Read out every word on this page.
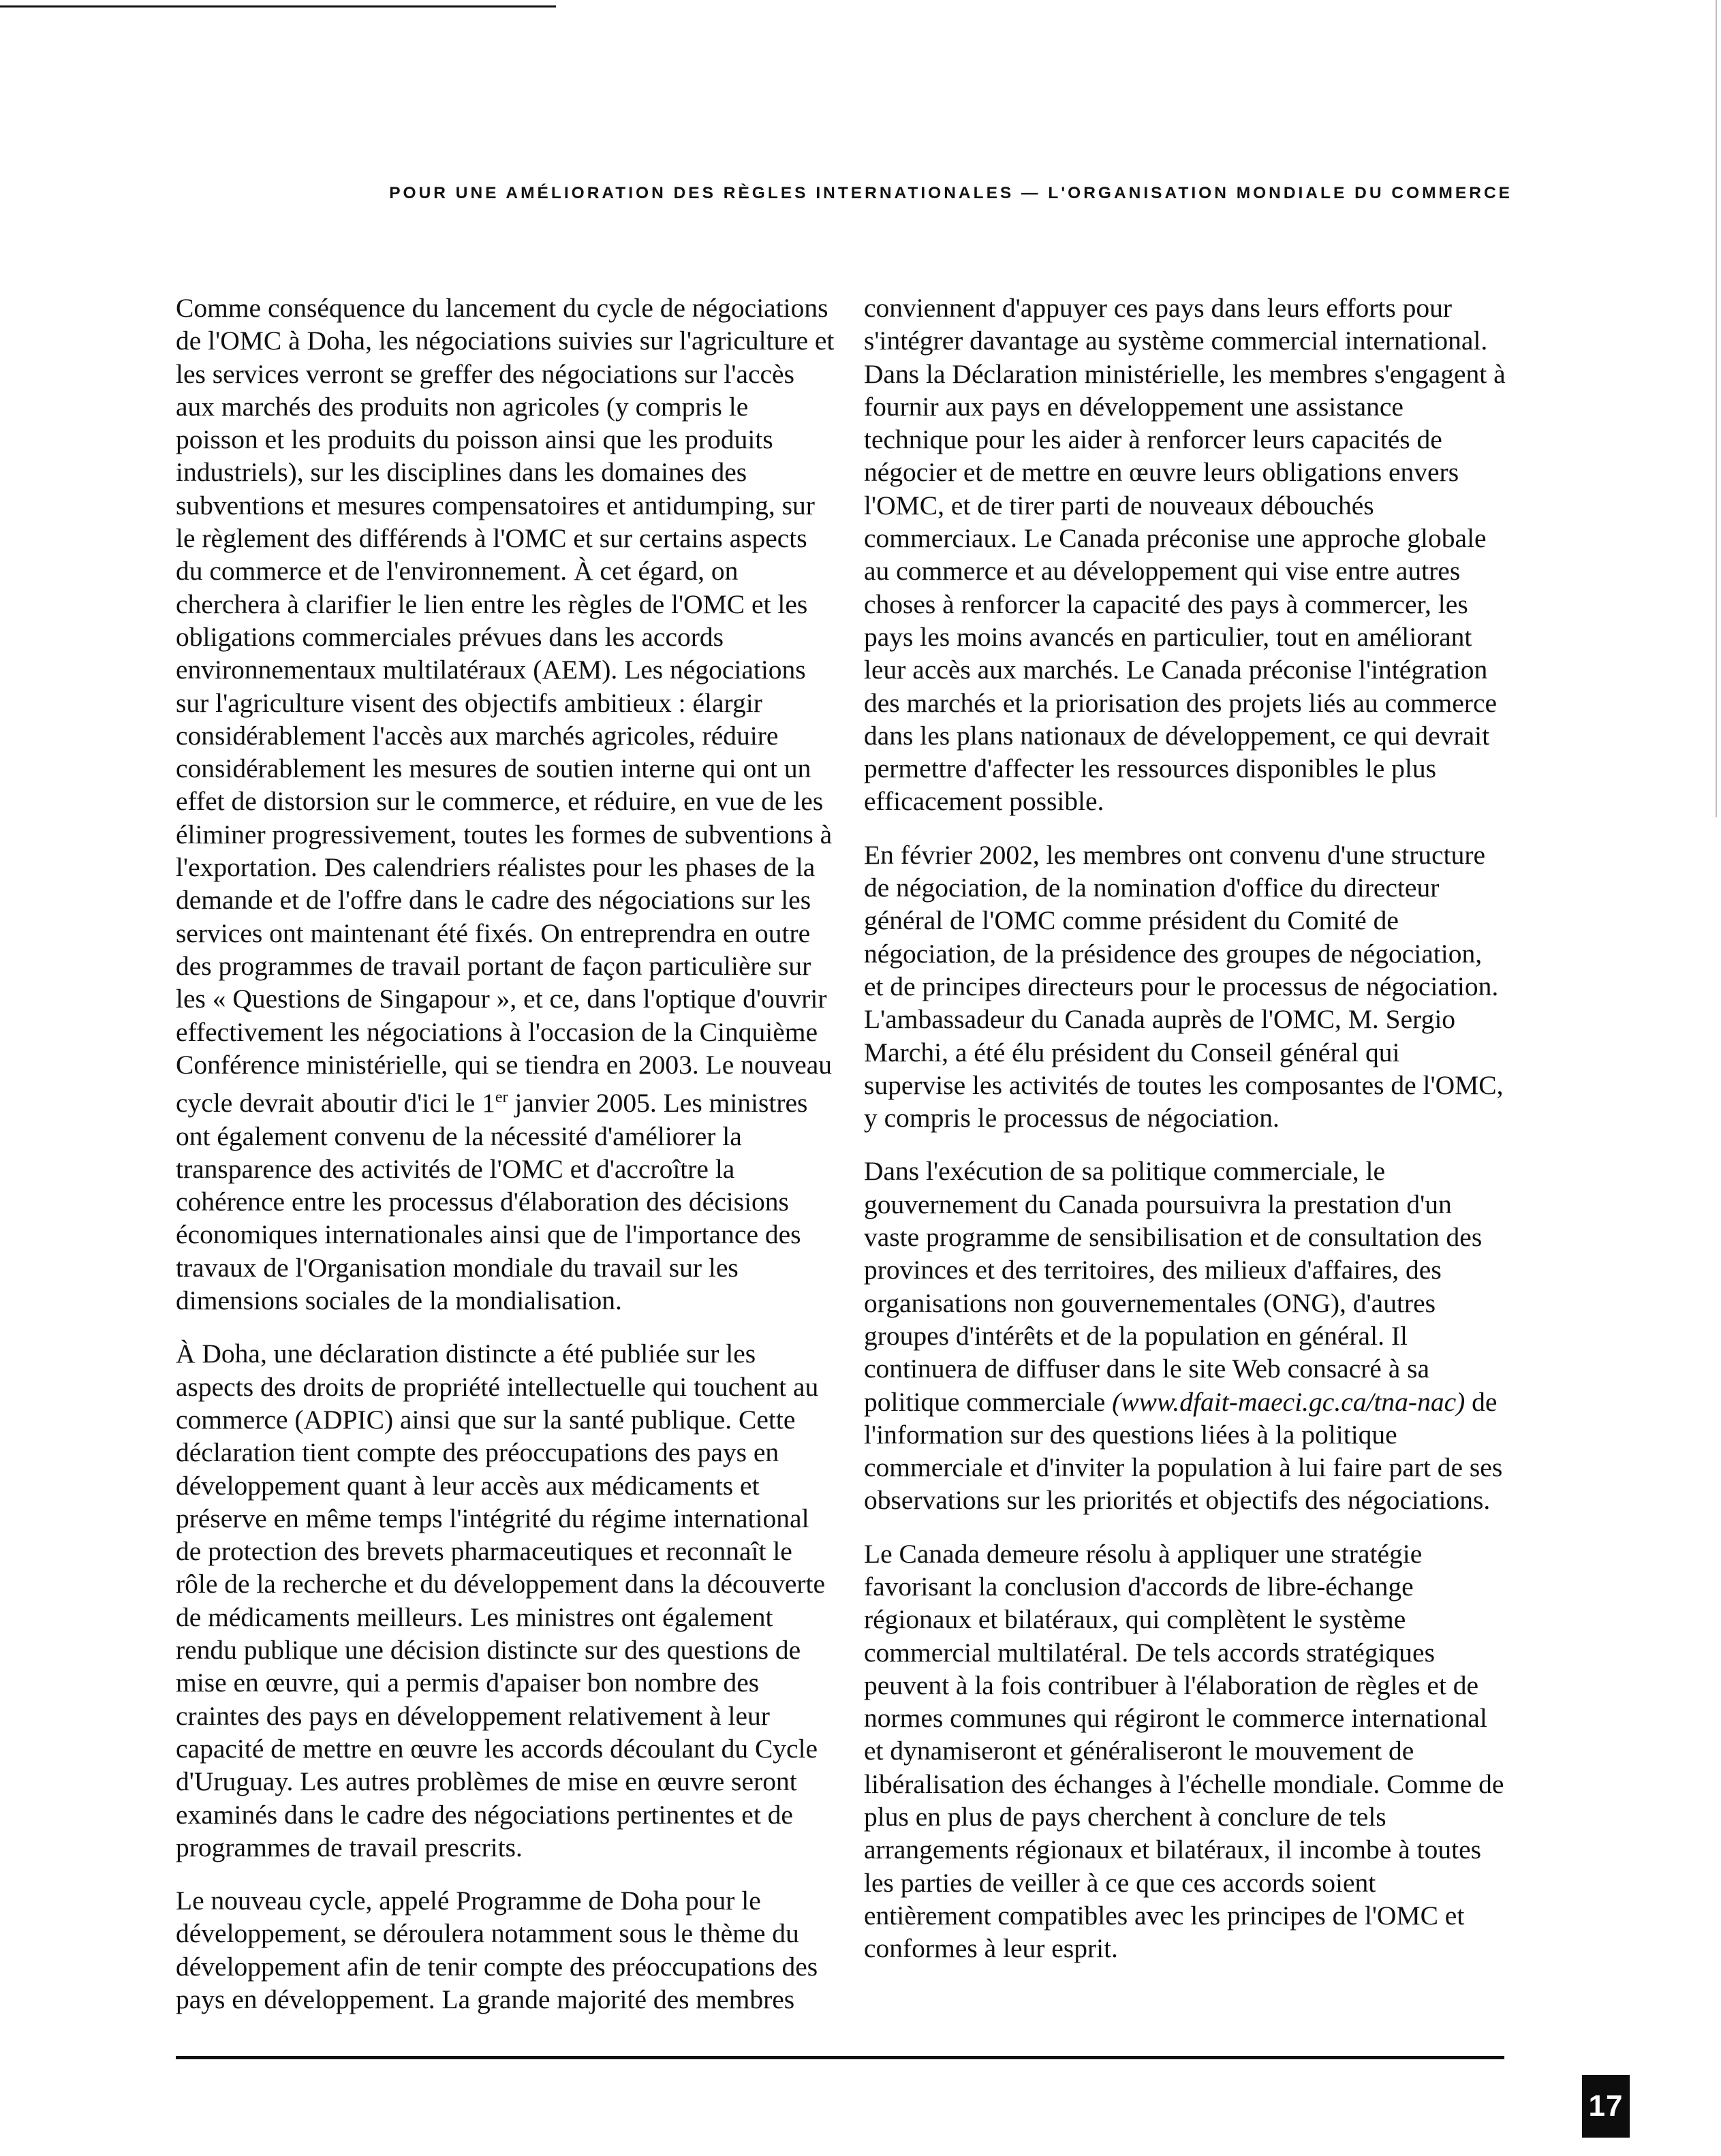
POUR UNE AMÉLIORATION DES RÈGLES INTERNATIONALES — L'ORGANISATION MONDIALE DU COMMERCE

Comme conséquence du lancement du cycle de négociations de l'OMC à Doha, les négociations suivies sur l'agriculture et les services verront se greffer des négociations sur l'accès aux marchés des produits non agricoles (y compris le poisson et les produits du poisson ainsi que les produits industriels), sur les disciplines dans les domaines des subventions et mesures compensatoires et antidumping, sur le règlement des différends à l'OMC et sur certains aspects du commerce et de l'environnement. À cet égard, on cherchera à clarifier le lien entre les règles de l'OMC et les obligations commerciales prévues dans les accords environnementaux multilatéraux (AEM). Les négociations sur l'agriculture visent des objectifs ambitieux : élargir considérablement l'accès aux marchés agricoles, réduire considérablement les mesures de soutien interne qui ont un effet de distorsion sur le commerce, et réduire, en vue de les éliminer progressivement, toutes les formes de subventions à l'exportation. Des calendriers réalistes pour les phases de la demande et de l'offre dans le cadre des négociations sur les services ont maintenant été fixés. On entreprendra en outre des programmes de travail portant de façon particulière sur les « Questions de Singapour », et ce, dans l'optique d'ouvrir effectivement les négociations à l'occasion de la Cinquième Conférence ministérielle, qui se tiendra en 2003. Le nouveau cycle devrait aboutir d'ici le 1er janvier 2005. Les ministres ont également convenu de la nécessité d'améliorer la transparence des activités de l'OMC et d'accroître la cohérence entre les processus d'élaboration des décisions économiques internationales ainsi que de l'importance des travaux de l'Organisation mondiale du travail sur les dimensions sociales de la mondialisation.

À Doha, une déclaration distincte a été publiée sur les aspects des droits de propriété intellectuelle qui touchent au commerce (ADPIC) ainsi que sur la santé publique. Cette déclaration tient compte des préoccupations des pays en développement quant à leur accès aux médicaments et préserve en même temps l'intégrité du régime international de protection des brevets pharmaceutiques et reconnaît le rôle de la recherche et du développement dans la découverte de médicaments meilleurs. Les ministres ont également rendu publique une décision distincte sur des questions de mise en œuvre, qui a permis d'apaiser bon nombre des craintes des pays en développement relativement à leur capacité de mettre en œuvre les accords découlant du Cycle d'Uruguay. Les autres problèmes de mise en œuvre seront examinés dans le cadre des négociations pertinentes et de programmes de travail prescrits.

Le nouveau cycle, appelé Programme de Doha pour le développement, se déroulera notamment sous le thème du développement afin de tenir compte des préoccupations des pays en développement. La grande majorité des membres

conviennent d'appuyer ces pays dans leurs efforts pour s'intégrer davantage au système commercial international. Dans la Déclaration ministérielle, les membres s'engagent à fournir aux pays en développement une assistance technique pour les aider à renforcer leurs capacités de négocier et de mettre en œuvre leurs obligations envers l'OMC, et de tirer parti de nouveaux débouchés commerciaux. Le Canada préconise une approche globale au commerce et au développement qui vise entre autres choses à renforcer la capacité des pays à commercer, les pays les moins avancés en particulier, tout en améliorant leur accès aux marchés. Le Canada préconise l'intégration des marchés et la priorisation des projets liés au commerce dans les plans nationaux de développement, ce qui devrait permettre d'affecter les ressources disponibles le plus efficacement possible.

En février 2002, les membres ont convenu d'une structure de négociation, de la nomination d'office du directeur général de l'OMC comme président du Comité de négociation, de la présidence des groupes de négociation, et de principes directeurs pour le processus de négociation. L'ambassadeur du Canada auprès de l'OMC, M. Sergio Marchi, a été élu président du Conseil général qui supervise les activités de toutes les composantes de l'OMC, y compris le processus de négociation.

Dans l'exécution de sa politique commerciale, le gouvernement du Canada poursuivra la prestation d'un vaste programme de sensibilisation et de consultation des provinces et des territoires, des milieux d'affaires, des organisations non gouvernementales (ONG), d'autres groupes d'intérêts et de la population en général. Il continuera de diffuser dans le site Web consacré à sa politique commerciale (www.dfait-maeci.gc.ca/tna-nac) de l'information sur des questions liées à la politique commerciale et d'inviter la population à lui faire part de ses observations sur les priorités et objectifs des négociations.

Le Canada demeure résolu à appliquer une stratégie favorisant la conclusion d'accords de libre-échange régionaux et bilatéraux, qui complètent le système commercial multilatéral. De tels accords stratégiques peuvent à la fois contribuer à l'élaboration de règles et de normes communes qui régiront le commerce international et dynamiseront et généraliseront le mouvement de libéralisation des échanges à l'échelle mondiale. Comme de plus en plus de pays cherchent à conclure de tels arrangements régionaux et bilatéraux, il incombe à toutes les parties de veiller à ce que ces accords soient entièrement compatibles avec les principes de l'OMC et conformes à leur esprit.

17
